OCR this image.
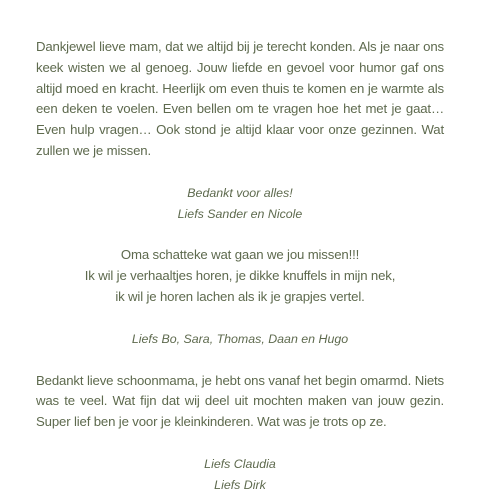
Dankjewel lieve mam, dat we altijd bij je terecht konden. Als je naar ons keek wisten we al genoeg. Jouw liefde en gevoel voor humor gaf ons altijd moed en kracht. Heerlijk om even thuis te komen en je warmte als een deken te voelen. Even bellen om te vragen hoe het met je gaat… Even hulp vragen… Ook stond je altijd klaar voor onze gezinnen. Wat zullen we je missen.

Bedankt voor alles!
Liefs Sander en Nicole

Oma schatteke wat gaan we jou missen!!!
Ik wil je verhaaltjes horen, je dikke knuffels in mijn nek,
ik wil je horen lachen als ik je grapjes vertel.

Liefs Bo, Sara, Thomas, Daan en Hugo

Bedankt lieve schoonmama, je hebt ons vanaf het begin omarmd. Niets was te veel. Wat fijn dat wij deel uit mochten maken van jouw gezin. Super lief ben je voor je kleinkinderen. Wat was je trots op ze.

Liefs Claudia
Liefs Dirk
